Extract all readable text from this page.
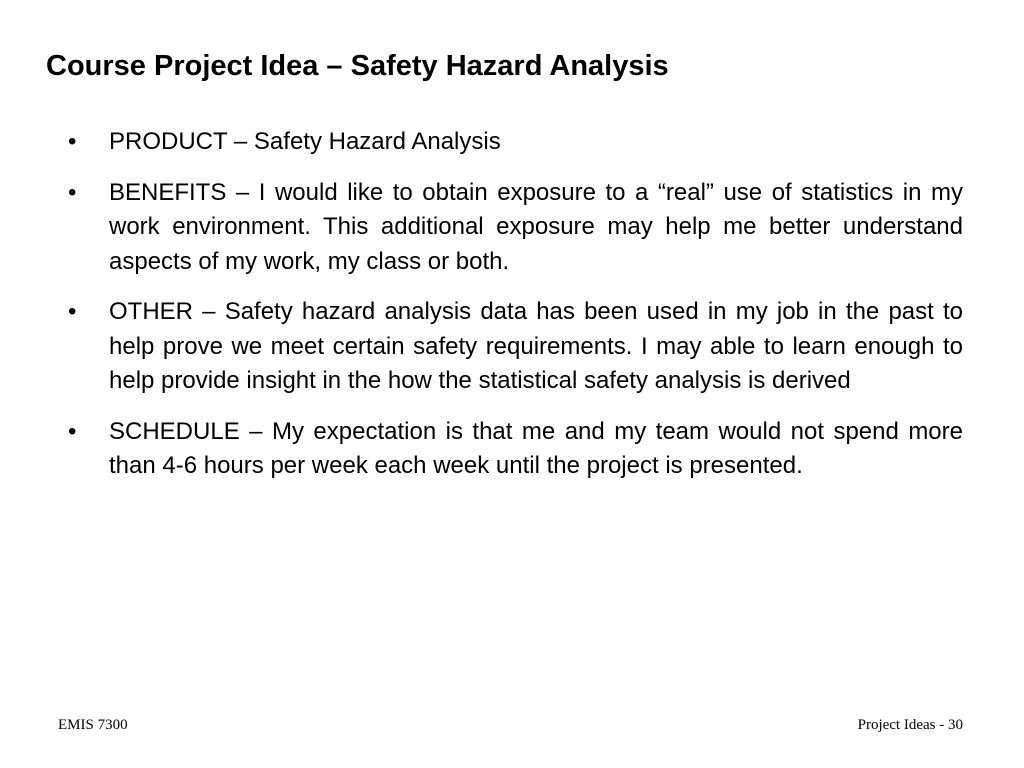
Course Project Idea – Safety Hazard Analysis
•	PRODUCT – Safety Hazard Analysis
•	BENEFITS – I would like to obtain exposure to a “real” use of statistics in my work environment. This additional exposure may help me better understand aspects of my work, my class or both.
•	OTHER – Safety hazard analysis data has been used in my job in the past to help prove we meet certain safety requirements. I may able to learn enough to help provide insight in the how the statistical safety analysis is derived
•	SCHEDULE – My expectation is that me and my team would not spend more than 4-6 hours per week each week until the project is presented.
EMIS 7300	Project Ideas - 30
